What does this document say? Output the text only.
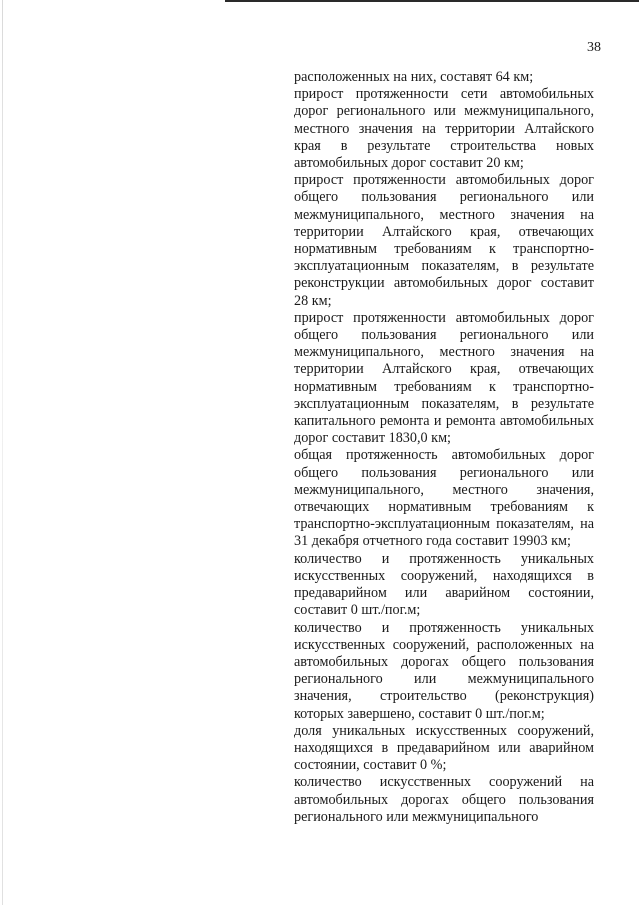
38

расположенных на них, составят 64 км;

прирост протяженности сети автомобильных дорог регионального или межмуниципального, местного значения на территории Алтайского края в результате строительства новых автомобильных дорог составит 20 км;

прирост протяженности автомобильных дорог общего пользования регионального или межмуниципального, местного значения на территории Алтайского края, отвечающих нормативным требованиям к транспортноэксплуатационным показателям, в результате реконструкции автомобильных дорог составит 28 км;

прирост протяженности автомобильных дорог общего пользования регионального или межмуниципального, местного значения на территории Алтайского края, отвечающих нормативным требованиям к транспортноэксплуатационным показателям, в результате капитального ремонта и ремонта автомобильных дорог составит 1830,0 км;

общая протяженность автомобильных дорог общего пользования регионального или межмуниципального, местного значения, отвечающих нормативным требованиям к транспортно-эксплуатационным показателям, на 31 декабря отчетного года составит 19903 км;

количество и протяженность уникальных искусственных сооружений, находящихся в предаварийном или аварийном состоянии, составит 0 шт./пог.м;

количество и протяженность уникальных искусственных сооружений, расположенных на автомобильных дорогах общего пользования регионального или межмуниципального значения, строительство (реконструкция) которых завершено, составит 0 шт./пог.м;

доля уникальных искусственных сооружений, находящихся в предаварийном или аварийном состоянии, составит 0 %;

количество искусственных сооружений на автомобильных дорогах общего пользования регионального или межмуниципального
